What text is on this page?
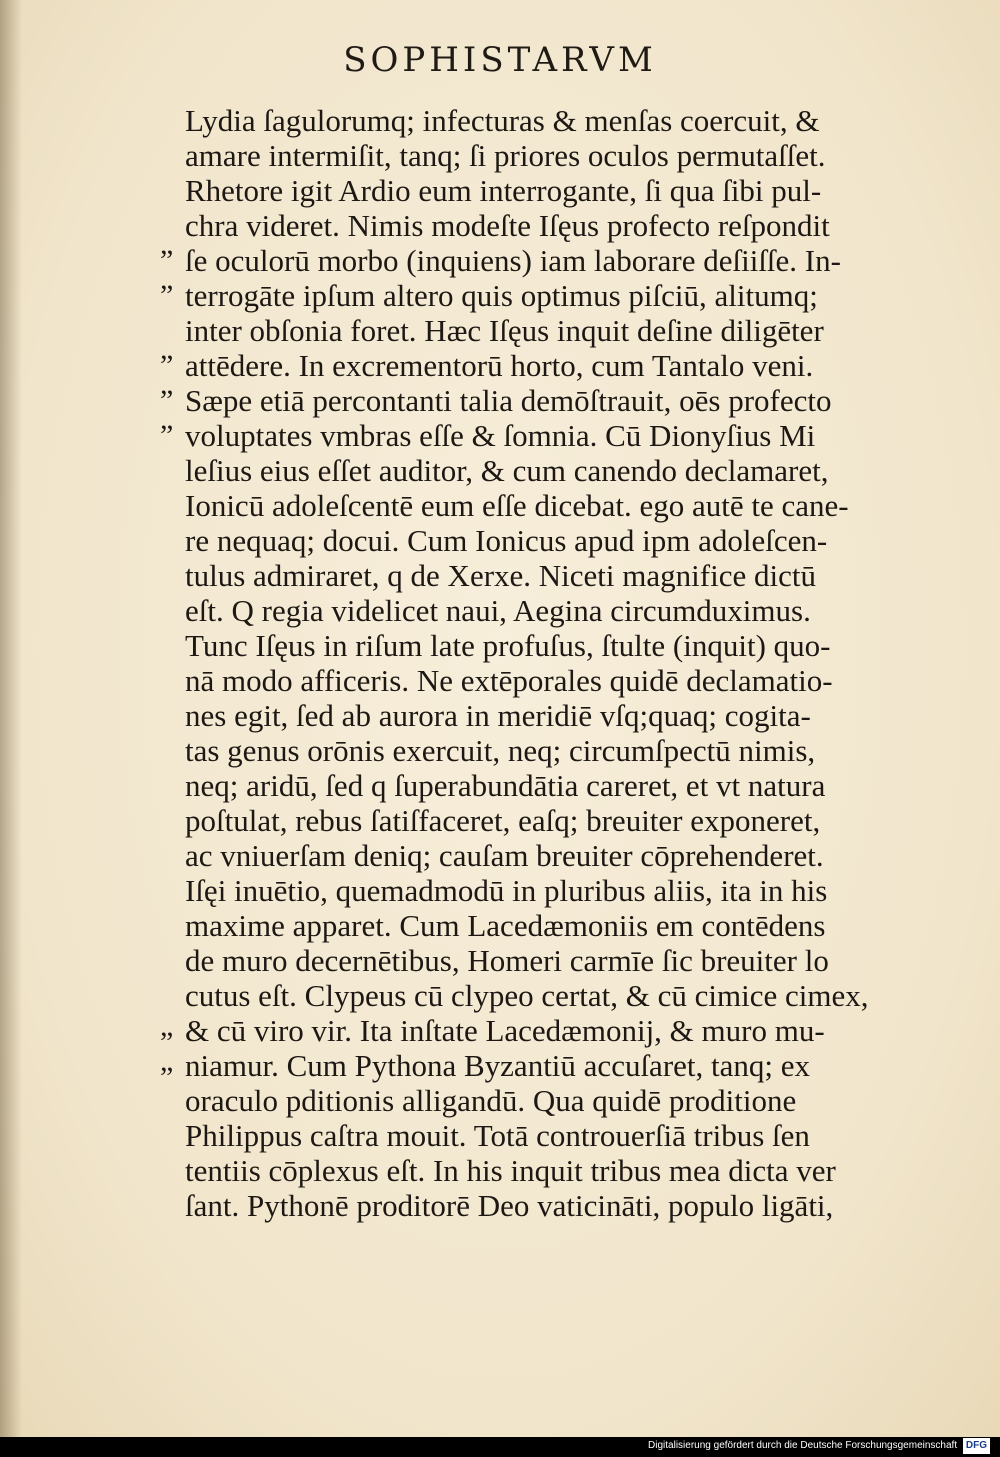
SOPHISTARVM
Lydia ſagulorumq; infecturas & menſas coercuit, &
amare intermiſit, tanq; ſi priores oculos permutaſſet.
Rhetore igit Ardio eum interrogante, ſi qua ſibi pul-
chra videret. Nimis modeſte Iſęus profecto reſpondit
ſe oculorū morbo (inquiens) iam laborare deſiiſſe. In-
terrogāte ipſum altero quis optimus piſciū, alitumq;
inter obſonia foret. Hæc Iſęus inquit deſine diligēter
attēdere. In excrementorū horto, cum Tantalo veni.
Sæpe etiā percontanti talia demōſtrauit, oēs profecto
voluptates vmbras eſſe & ſomnia. Cū Dionyſius Mi
leſius eius eſſet auditor, & cum canendo declamaret,
Ionicū adoleſcentē eum eſſe dicebat. ego autē te cane-
re nequaq; docui. Cum Ionicus apud ipm adoleſcen-
tulus admiraret, q de Xerxe. Niceti magnifice dictū
eſt. Q regia videlicet naui, Aegina circumduximus.
Tunc Iſęus in riſum late profuſus, ſtulte (inquit) quo-
nā modo afficeris. Ne extēporales quidē declamatio-
nes egit, ſed ab aurora in meridiē vſq;quaq; cogita-
tas genus orōnis exercuit, neq; circumſpectū nimis,
neq; aridū, ſed q ſuperabundātia careret, et vt natura
poſtulat, rebus ſatiſfaceret, eaſq; breuiter exponeret,
ac vniuerſam deniq; cauſam breuiter cōprehenderet.
Iſęi inuētio, quemadmodū in pluribus aliis, ita in his
maxime apparet. Cum Lacedæmoniis em contēdens
de muro decernētibus, Homeri carmīe ſic breuiter lo
cutus eſt. Clypeus cū clypeo certat, & cū cimice cimex,
& cū viro vir. Ita inſtate Lacedæmonij, & muro mu-
niamur. Cum Pythona Byzantiū accuſaret, tanq; ex
oraculo pditionis alligandū. Qua quidē proditione
Philippus caſtra mouit. Totā controuerſiā tribus ſen
tentiis cōplexus eſt. In his inquit tribus mea dicta ver
ſant. Pythonē proditorē Deo vaticināti, populo ligāti,
”
”
”
”
”
”
”
Digitalisierung gefördert durch die Deutsche Forschungsgemeinschaft DFG
